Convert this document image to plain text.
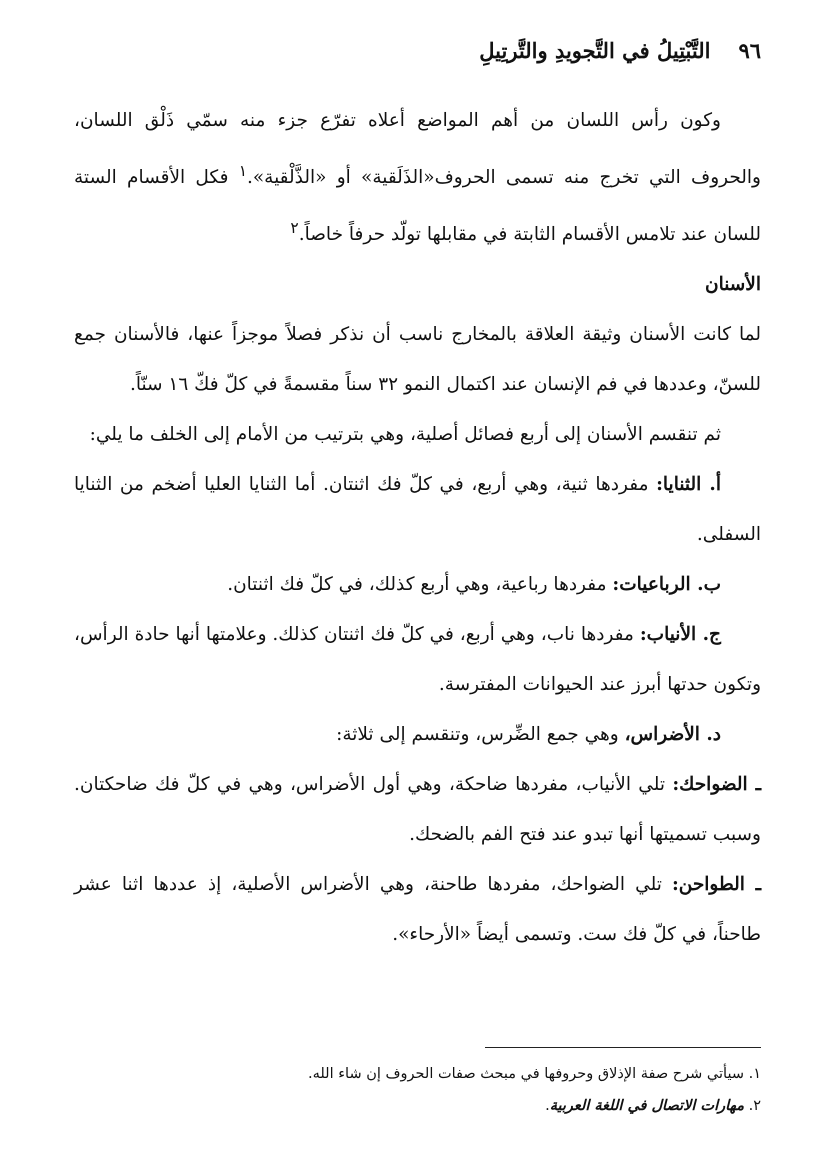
٩٦
التَّبْتِيلُ في التَّجويدِ والتَّرتِيلِ

وكون رأس اللسان من أهم المواضع أعلاه تفرّع جزء منه سمّي ذَلْق اللسان، والحروف التي تخرج منه تسمى الحروف«الذَلَقية» أو «الذَّلْقية».$^١$ فكل الأقسام الستة للسان عند تلامس الأقسام الثابتة في مقابلها تولّد حرفاً خاصاً.$^٢$

الأسنان

لما كانت الأسنان وثيقة العلاقة بالمخارج ناسب أن نذكر فصلاً موجزاً عنها، فالأسنان جمع للسنّ، وعددها في فم الإنسان عند اكتمال النمو ٣٢ سناً مقسمةً في كلّ فكّ ١٦ سنّاً.

ثم تنقسم الأسنان إلى أربع فصائل أصلية، وهي بترتيب من الأمام إلى الخلف ما يلي:

أ. الثنايا: مفردها ثنية، وهي أربع، في كلّ فك اثنتان. أما الثنايا العليا أضخم من الثنايا السفلى.

ب. الرباعيات: مفردها رباعية، وهي أربع كذلك، في كلّ فك اثنتان.

ج. الأنياب: مفردها ناب، وهي أربع، في كلّ فك اثنتان كذلك. وعلامتها أنها حادة الرأس، وتكون حدتها أبرز عند الحيوانات المفترسة.

د. الأضراس، وهي جمع الضِّرس، وتنقسم إلى ثلاثة:

ـ الضواحك: تلي الأنياب، مفردها ضاحكة، وهي أول الأضراس، وهي في كلّ فك ضاحكتان. وسبب تسميتها أنها تبدو عند فتح الفم بالضحك.

ـ الطواحن: تلي الضواحك، مفردها طاحنة، وهي الأضراس الأصلية، إذ عددها اثنا عشر طاحناً، في كلّ فك ست. وتسمى أيضاً «الأرحاء».

١. سيأتي شرح صفة الإذلاق وحروفها في مبحث صفات الحروف إن شاء الله.
٢. مهارات الاتصال في اللغة العربية.
